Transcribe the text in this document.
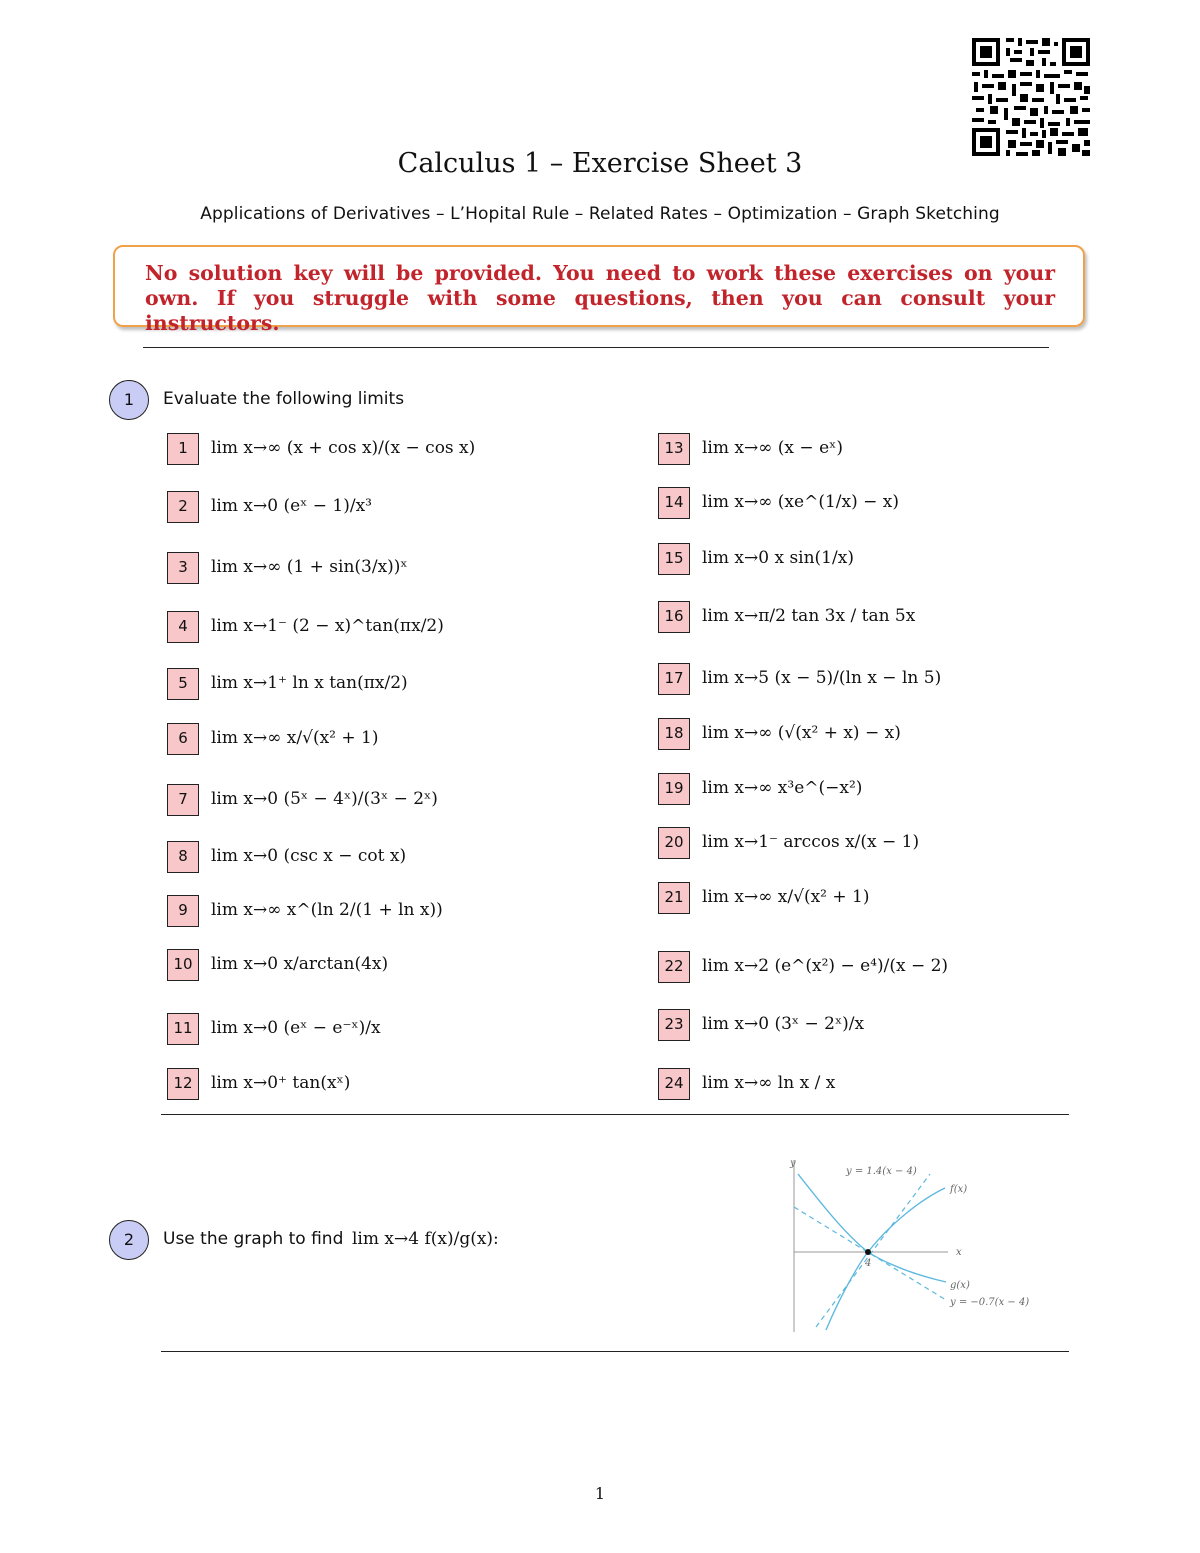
Calculus 1 – Exercise Sheet 3
Applications of Derivatives – L’Hopital Rule – Related Rates – Optimization – Graph Sketching
No solution key will be provided. You need to work these exercises on your own. If you struggle with some questions, then you can consult your instructors.
1	Evaluate the following limits
1	lim x→∞ (x + cos x)/(x − cos x)
2	lim x→0 (eˣ − 1)/x³
3	lim x→∞ (1 + sin(3/x))ˣ
4	lim x→1⁻ (2 − x)^tan(πx/2)
5	lim x→1⁺ ln x tan(πx/2)
6	lim x→∞ x/√(x² + 1)
7	lim x→0 (5ˣ − 4ˣ)/(3ˣ − 2ˣ)
8	lim x→0 (csc x − cot x)
9	lim x→∞ x^(ln 2/(1 + ln x))
10	lim x→0 x/arctan(4x)
11	lim x→0 (eˣ − e⁻ˣ)/x
12	lim x→0⁺ tan(xˣ)
13	lim x→∞ (x − eˣ)
14	lim x→∞ (xe^(1/x) − x)
15	lim x→0 x sin(1/x)
16	lim x→π/2 tan 3x / tan 5x
17	lim x→5 (x − 5)/(ln x − ln 5)
18	lim x→∞ (√(x² + x) − x)
19	lim x→∞ x³e^(−x²)
20	lim x→1⁻ arccos x/(x − 1)
21	lim x→∞ x/√(x² + 1)
22	lim x→2 (e^(x²) − e⁴)/(x − 2)
23	lim x→0 (3ˣ − 2ˣ)/x
24	lim x→∞ ln x / x
2	Use the graph to find lim x→4 f(x)/g(x):
y
x
4
y = 1.4(x − 4)
f(x)
g(x)
y = −0.7(x − 4)
1
